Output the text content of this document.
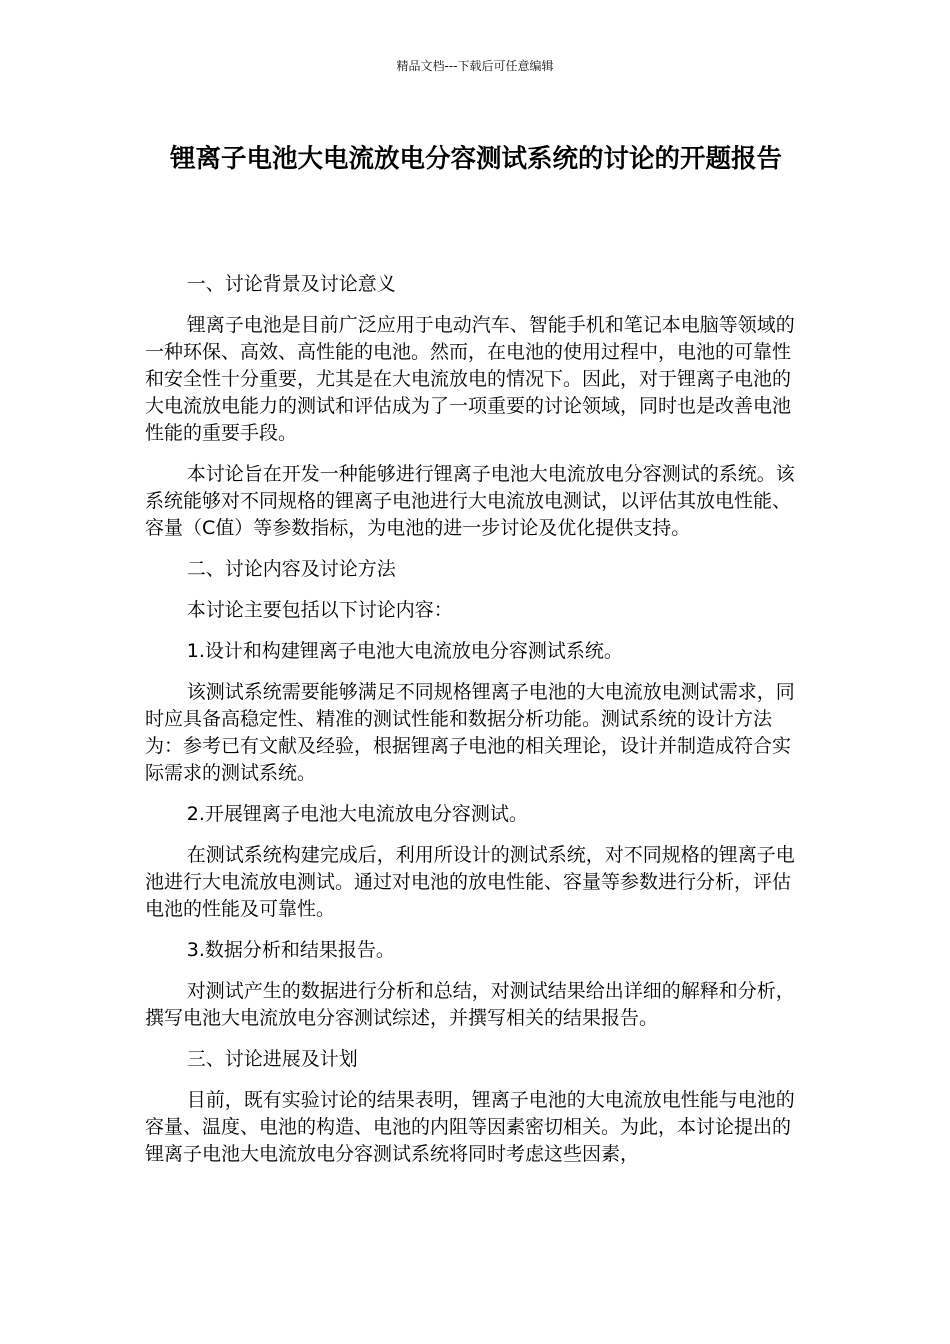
精品文档---下载后可任意编辑
锂离子电池大电流放电分容测试系统的讨论的开题报告

一、讨论背景及讨论意义

锂离子电池是目前广泛应用于电动汽车、智能手机和笔记本电脑等领域的一种环保、高效、高性能的电池。然而，在电池的使用过程中，电池的可靠性和安全性十分重要，尤其是在大电流放电的情况下。因此，对于锂离子电池的大电流放电能力的测试和评估成为了一项重要的讨论领域，同时也是改善电池性能的重要手段。

本讨论旨在开发一种能够进行锂离子电池大电流放电分容测试的系统。该系统能够对不同规格的锂离子电池进行大电流放电测试，以评估其放电性能、容量（C值）等参数指标，为电池的进一步讨论及优化提供支持。

二、讨论内容及讨论方法

本讨论主要包括以下讨论内容：

1.设计和构建锂离子电池大电流放电分容测试系统。

该测试系统需要能够满足不同规格锂离子电池的大电流放电测试需求，同时应具备高稳定性、精准的测试性能和数据分析功能。测试系统的设计方法为：参考已有文献及经验，根据锂离子电池的相关理论，设计并制造成符合实际需求的测试系统。

2.开展锂离子电池大电流放电分容测试。

在测试系统构建完成后，利用所设计的测试系统，对不同规格的锂离子电池进行大电流放电测试。通过对电池的放电性能、容量等参数进行分析，评估电池的性能及可靠性。

3.数据分析和结果报告。

对测试产生的数据进行分析和总结，对测试结果给出详细的解释和分析，撰写电池大电流放电分容测试综述，并撰写相关的结果报告。

三、讨论进展及计划

目前，既有实验讨论的结果表明，锂离子电池的大电流放电性能与电池的容量、温度、电池的构造、电池的内阻等因素密切相关。为此，本讨论提出的锂离子电池大电流放电分容测试系统将同时考虑这些因素，
